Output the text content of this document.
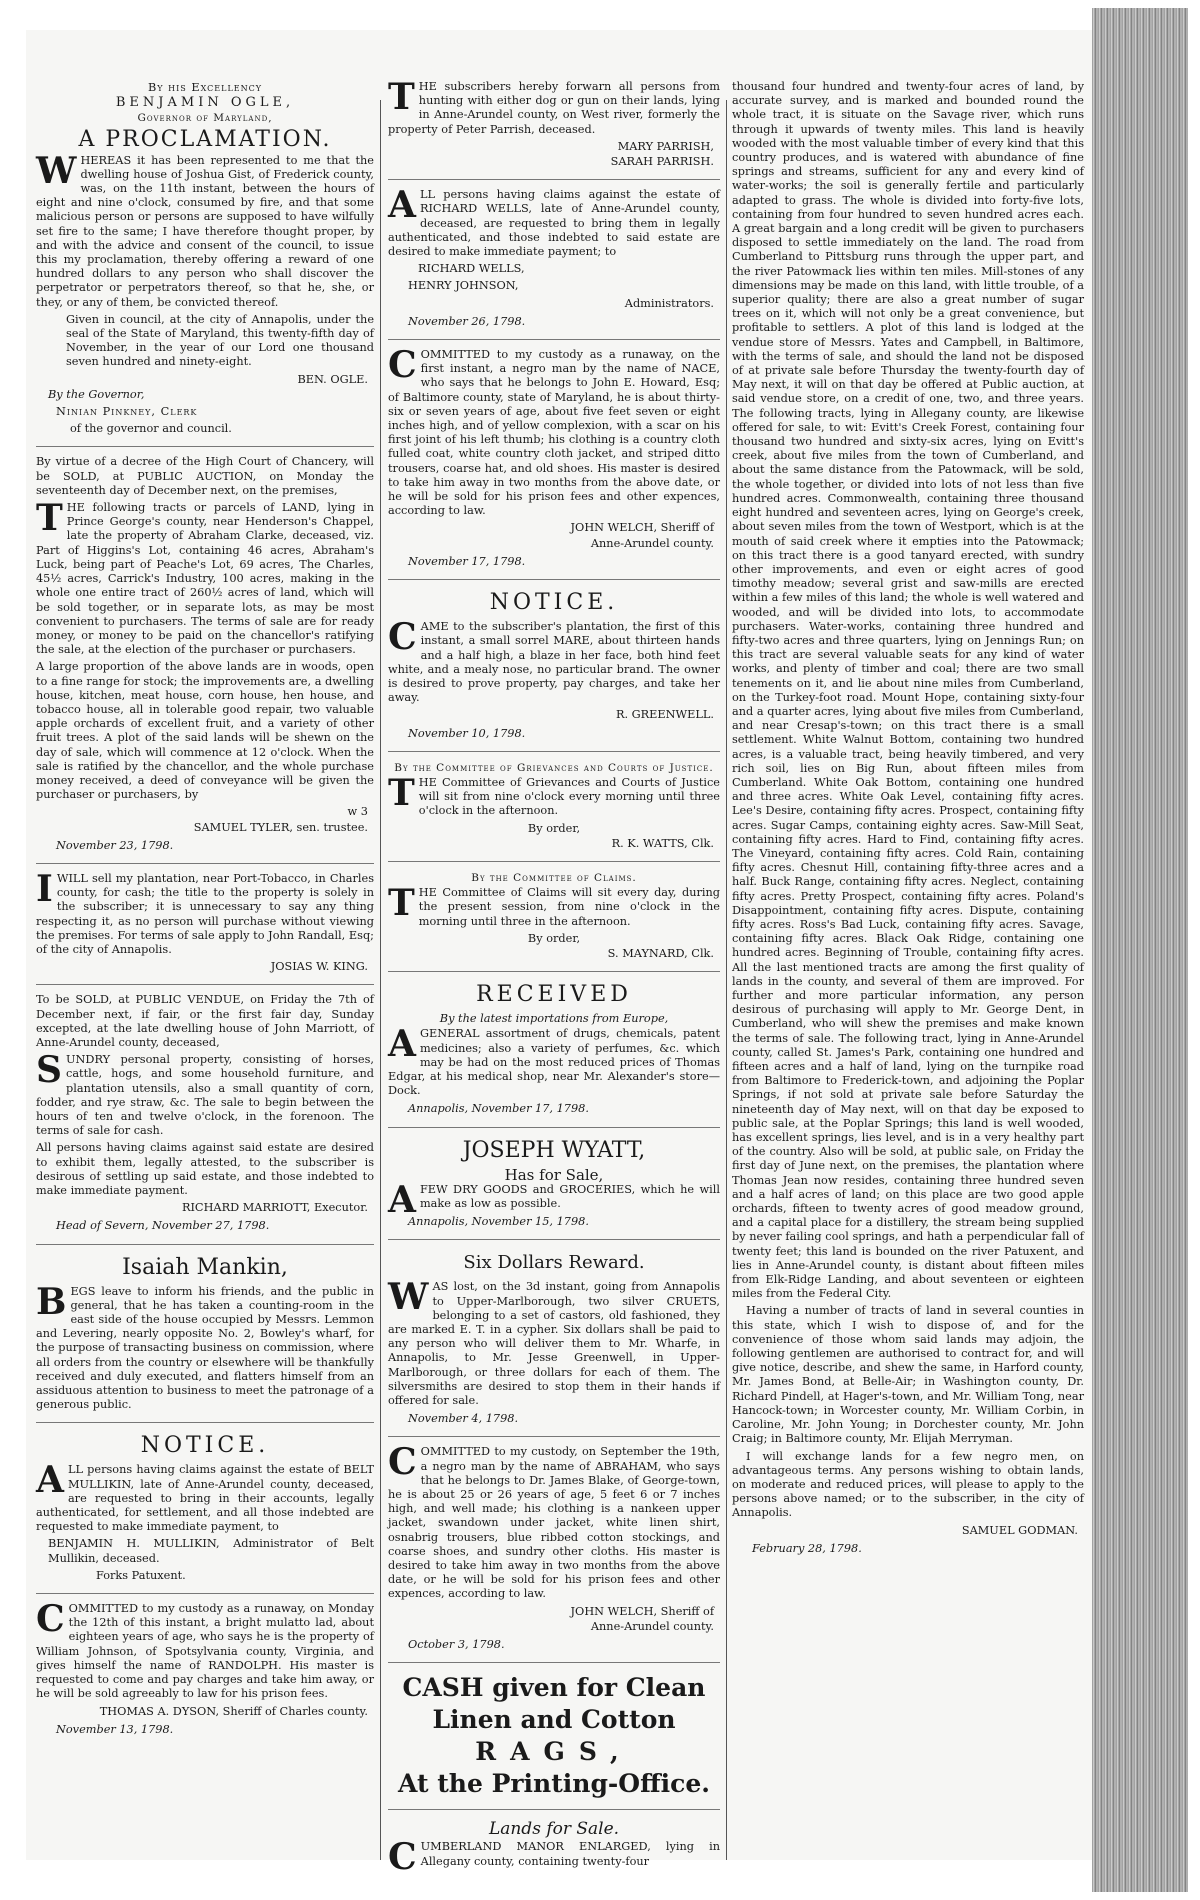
By his Excellency
BENJAMIN OGLE,
Governor of Maryland,
A PROCLAMATION.

WHEREAS it has been represented to me that the dwelling house of Joshua Gist, of Frederick county, was, on the 11th instant, between the hours of eight and nine o'clock, consumed by fire, and that some malicious person or persons are supposed to have wilfully set fire to the same; I have therefore thought proper, by and with the advice and consent of the council, to issue this my proclamation, thereby offering a reward of one hundred dollars to any person who shall discover the perpetrator or perpetrators thereof, so that he, she, or they, or any of them, be convicted thereof.

Given in council, at the city of Annapolis, under the seal of the State of Maryland, this twenty-fifth day of November, in the year of our Lord one thousand seven hundred and ninety-eight.

BEN. OGLE.
By the Governor,
Ninian Pinkney, Clerk
of the governor and council.

By virtue of a decree of the High Court of Chancery, will be SOLD, at PUBLIC AUCTION, on Monday the seventeenth day of December next, on the premises,

THE following tracts or parcels of LAND, lying in Prince George's county, near Henderson's Chappel, late the property of Abraham Clarke, deceased, viz. Part of Higgins's Lot, containing 46 acres, Abraham's Luck, being part of Peache's Lot, 69 acres, The Charles, 45½ acres, Carrick's Industry, 100 acres, making in the whole one entire tract of 260½ acres of land, which will be sold together, or in separate lots, as may be most convenient to purchasers. The terms of sale are for ready money, or money to be paid on the chancellor's ratifying the sale, at the election of the purchaser or purchasers.

A large proportion of the above lands are in woods, open to a fine range for stock; the improvements are, a dwelling house, kitchen, meat house, corn house, hen house, and tobacco house, all in tolerable good repair, two valuable apple orchards of excellent fruit, and a variety of other fruit trees. A plot of the said lands will be shewn on the day of sale, which will commence at 12 o'clock. When the sale is ratified by the chancellor, and the whole purchase money received, a deed of conveyance will be given the purchaser or purchasers, by

w 3
SAMUEL TYLER, sen. trustee.
November 23, 1798.

IWILL sell my plantation, near Port-Tobacco, in Charles county, for cash; the title to the property is solely in the subscriber; it is unnecessary to say any thing respecting it, as no person will purchase without viewing the premises. For terms of sale apply to John Randall, Esq; of the city of Annapolis.

JOSIAS W. KING.

To be SOLD, at PUBLIC VENDUE, on Friday the 7th of December next, if fair, or the first fair day, Sunday excepted, at the late dwelling house of John Marriott, of Anne-Arundel county, deceased,

SUNDRY personal property, consisting of horses, cattle, hogs, and some household furniture, and plantation utensils, also a small quantity of corn, fodder, and rye straw, &c. The sale to begin between the hours of ten and twelve o'clock, in the forenoon. The terms of sale for cash.

All persons having claims against said estate are desired to exhibit them, legally attested, to the subscriber is desirous of settling up said estate, and those indebted to make immediate payment.

RICHARD MARRIOTT, Executor.
Head of Severn, November 27, 1798.
Isaiah Mankin,

BEGS leave to inform his friends, and the public in general, that he has taken a counting-room in the east side of the house occupied by Messrs. Lemmon and Levering, nearly opposite No. 2, Bowley's wharf, for the purpose of transacting business on commission, where all orders from the country or elsewhere will be thankfully received and duly executed, and flatters himself from an assiduous attention to business to meet the patronage of a generous public.

NOTICE.

ALL persons having claims against the estate of BELT MULLIKIN, late of Anne-Arundel county, deceased, are requested to bring in their accounts, legally authenticated, for settlement, and all those indebted are requested to make immediate payment, to

BENJAMIN H. MULLIKIN, Administrator of Belt Mullikin, deceased.
Forks Patuxent.

COMMITTED to my custody as a runaway, on Monday the 12th of this instant, a bright mulatto lad, about eighteen years of age, who says he is the property of William Johnson, of Spotsylvania county, Virginia, and gives himself the name of RANDOLPH. His master is requested to come and pay charges and take him away, or he will be sold agreeably to law for his prison fees.

THOMAS A. DYSON, Sheriff of Charles county.
November 13, 1798.

THE subscribers hereby forwarn all persons from hunting with either dog or gun on their lands, lying in Anne-Arundel county, on West river, formerly the property of Peter Parrish, deceased.

MARY PARRISH,
SARAH PARRISH.

ALL persons having claims against the estate of RICHARD WELLS, late of Anne-Arundel county, deceased, are requested to bring them in legally authenticated, and those indebted to said estate are desired to make immediate payment; to

RICHARD WELLS,
HENRY JOHNSON,
Administrators.
November 26, 1798.

COMMITTED to my custody as a runaway, on the first instant, a negro man by the name of NACE, who says that he belongs to John E. Howard, Esq; of Baltimore county, state of Maryland, he is about thirty-six or seven years of age, about five feet seven or eight inches high, and of yellow complexion, with a scar on his first joint of his left thumb; his clothing is a country cloth fulled coat, white country cloth jacket, and striped ditto trousers, coarse hat, and old shoes. His master is desired to take him away in two months from the above date, or he will be sold for his prison fees and other expences, according to law.

JOHN WELCH, Sheriff of
Anne-Arundel county.
November 17, 1798.
NOTICE.

CAME to the subscriber's plantation, the first of this instant, a small sorrel MARE, about thirteen hands and a half high, a blaze in her face, both hind feet white, and a mealy nose, no particular brand. The owner is desired to prove property, pay charges, and take her away.

R. GREENWELL.
November 10, 1798.
By the Committee of Grievances and Courts of Justice.

THE Committee of Grievances and Courts of Justice will sit from nine o'clock every morning until three o'clock in the afternoon.

By order,
R. K. WATTS, Clk.
By the Committee of Claims.

THE Committee of Claims will sit every day, during the present session, from nine o'clock in the morning until three in the afternoon.

By order,
S. MAYNARD, Clk.
RECEIVED
By the latest importations from Europe,

AGENERAL assortment of drugs, chemicals, patent medicines; also a variety of perfumes, &c. which may be had on the most reduced prices of Thomas Edgar, at his medical shop, near Mr. Alexander's store—Dock.

Annapolis, November 17, 1798.
JOSEPH WYATT,
Has for Sale,

AFEW DRY GOODS and GROCERIES, which he will make as low as possible.

Annapolis, November 15, 1798.
Six Dollars Reward.

WAS lost, on the 3d instant, going from Annapolis to Upper-Marlborough, two silver CRUETS, belonging to a set of castors, old fashioned, they are marked E. T. in a cypher. Six dollars shall be paid to any person who will deliver them to Mr. Wharfe, in Annapolis, to Mr. Jesse Greenwell, in Upper-Marlborough, or three dollars for each of them. The silversmiths are desired to stop them in their hands if offered for sale.

November 4, 1798.

COMMITTED to my custody, on September the 19th, a negro man by the name of ABRAHAM, who says that he belongs to Dr. James Blake, of George-town, he is about 25 or 26 years of age, 5 feet 6 or 7 inches high, and well made; his clothing is a nankeen upper jacket, swandown under jacket, white linen shirt, osnabrig trousers, blue ribbed cotton stockings, and coarse shoes, and sundry other cloths. His master is desired to take him away in two months from the above date, or he will be sold for his prison fees and other expences, according to law.

JOHN WELCH, Sheriff of
Anne-Arundel county.
October 3, 1798.
CASH given for Clean
Linen and Cotton
RAGS,
At the Printing-Office.
Lands for Sale.

CUMBERLAND MANOR ENLARGED, lying in Allegany county, containing twenty-four

thousand four hundred and twenty-four acres of land, by accurate survey, and is marked and bounded round the whole tract, it is situate on the Savage river, which runs through it upwards of twenty miles. This land is heavily wooded with the most valuable timber of every kind that this country produces, and is watered with abundance of fine springs and streams, sufficient for any and every kind of water-works; the soil is generally fertile and particularly adapted to grass. The whole is divided into forty-five lots, containing from four hundred to seven hundred acres each. A great bargain and a long credit will be given to purchasers disposed to settle immediately on the land. The road from Cumberland to Pittsburg runs through the upper part, and the river Patowmack lies within ten miles. Mill-stones of any dimensions may be made on this land, with little trouble, of a superior quality; there are also a great number of sugar trees on it, which will not only be a great convenience, but profitable to settlers. A plot of this land is lodged at the vendue store of Messrs. Yates and Campbell, in Baltimore, with the terms of sale, and should the land not be disposed of at private sale before Thursday the twenty-fourth day of May next, it will on that day be offered at Public auction, at said vendue store, on a credit of one, two, and three years. The following tracts, lying in Allegany county, are likewise offered for sale, to wit: Evitt's Creek Forest, containing four thousand two hundred and sixty-six acres, lying on Evitt's creek, about five miles from the town of Cumberland, and about the same distance from the Patowmack, will be sold, the whole together, or divided into lots of not less than five hundred acres. Commonwealth, containing three thousand eight hundred and seventeen acres, lying on George's creek, about seven miles from the town of Westport, which is at the mouth of said creek where it empties into the Patowmack; on this tract there is a good tanyard erected, with sundry other improvements, and even or eight acres of good timothy meadow; several grist and saw-mills are erected within a few miles of this land; the whole is well watered and wooded, and will be divided into lots, to accommodate purchasers. Water-works, containing three hundred and fifty-two acres and three quarters, lying on Jennings Run; on this tract are several valuable seats for any kind of water works, and plenty of timber and coal; there are two small tenements on it, and lie about nine miles from Cumberland, on the Turkey-foot road. Mount Hope, containing sixty-four and a quarter acres, lying about five miles from Cumberland, and near Cresap's-town; on this tract there is a small settlement. White Walnut Bottom, containing two hundred acres, is a valuable tract, being heavily timbered, and very rich soil, lies on Big Run, about fifteen miles from Cumberland. White Oak Bottom, containing one hundred and three acres. White Oak Level, containing fifty acres. Lee's Desire, containing fifty acres. Prospect, containing fifty acres. Sugar Camps, containing eighty acres. Saw-Mill Seat, containing fifty acres. Hard to Find, containing fifty acres. The Vineyard, containing fifty acres. Cold Rain, containing fifty acres. Chesnut Hill, containing fifty-three acres and a half. Buck Range, containing fifty acres. Neglect, containing fifty acres. Pretty Prospect, containing fifty acres. Poland's Disappointment, containing fifty acres. Dispute, containing fifty acres. Ross's Bad Luck, containing fifty acres. Savage, containing fifty acres. Black Oak Ridge, containing one hundred acres. Beginning of Trouble, containing fifty acres. All the last mentioned tracts are among the first quality of lands in the county, and several of them are improved. For further and more particular information, any person desirous of purchasing will apply to Mr. George Dent, in Cumberland, who will shew the premises and make known the terms of sale. The following tract, lying in Anne-Arundel county, called St. James's Park, containing one hundred and fifteen acres and a half of land, lying on the turnpike road from Baltimore to Frederick-town, and adjoining the Poplar Springs, if not sold at private sale before Saturday the nineteenth day of May next, will on that day be exposed to public sale, at the Poplar Springs; this land is well wooded, has excellent springs, lies level, and is in a very healthy part of the country. Also will be sold, at public sale, on Friday the first day of June next, on the premises, the plantation where Thomas Jean now resides, containing three hundred seven and a half acres of land; on this place are two good apple orchards, fifteen to twenty acres of good meadow ground, and a capital place for a distillery, the stream being supplied by never failing cool springs, and hath a perpendicular fall of twenty feet; this land is bounded on the river Patuxent, and lies in Anne-Arundel county, is distant about fifteen miles from Elk-Ridge Landing, and about seventeen or eighteen miles from the Federal City.

Having a number of tracts of land in several counties in this state, which I wish to dispose of, and for the convenience of those whom said lands may adjoin, the following gentlemen are authorised to contract for, and will give notice, describe, and shew the same, in Harford county, Mr. James Bond, at Belle-Air; in Washington county, Dr. Richard Pindell, at Hager's-town, and Mr. William Tong, near Hancock-town; in Worcester county, Mr. William Corbin, in Caroline, Mr. John Young; in Dorchester county, Mr. John Craig; in Baltimore county, Mr. Elijah Merryman.

I will exchange lands for a few negro men, on advantageous terms. Any persons wishing to obtain lands, on moderate and reduced prices, will please to apply to the persons above named; or to the subscriber, in the city of Annapolis.

SAMUEL GODMAN.
February 28, 1798.
